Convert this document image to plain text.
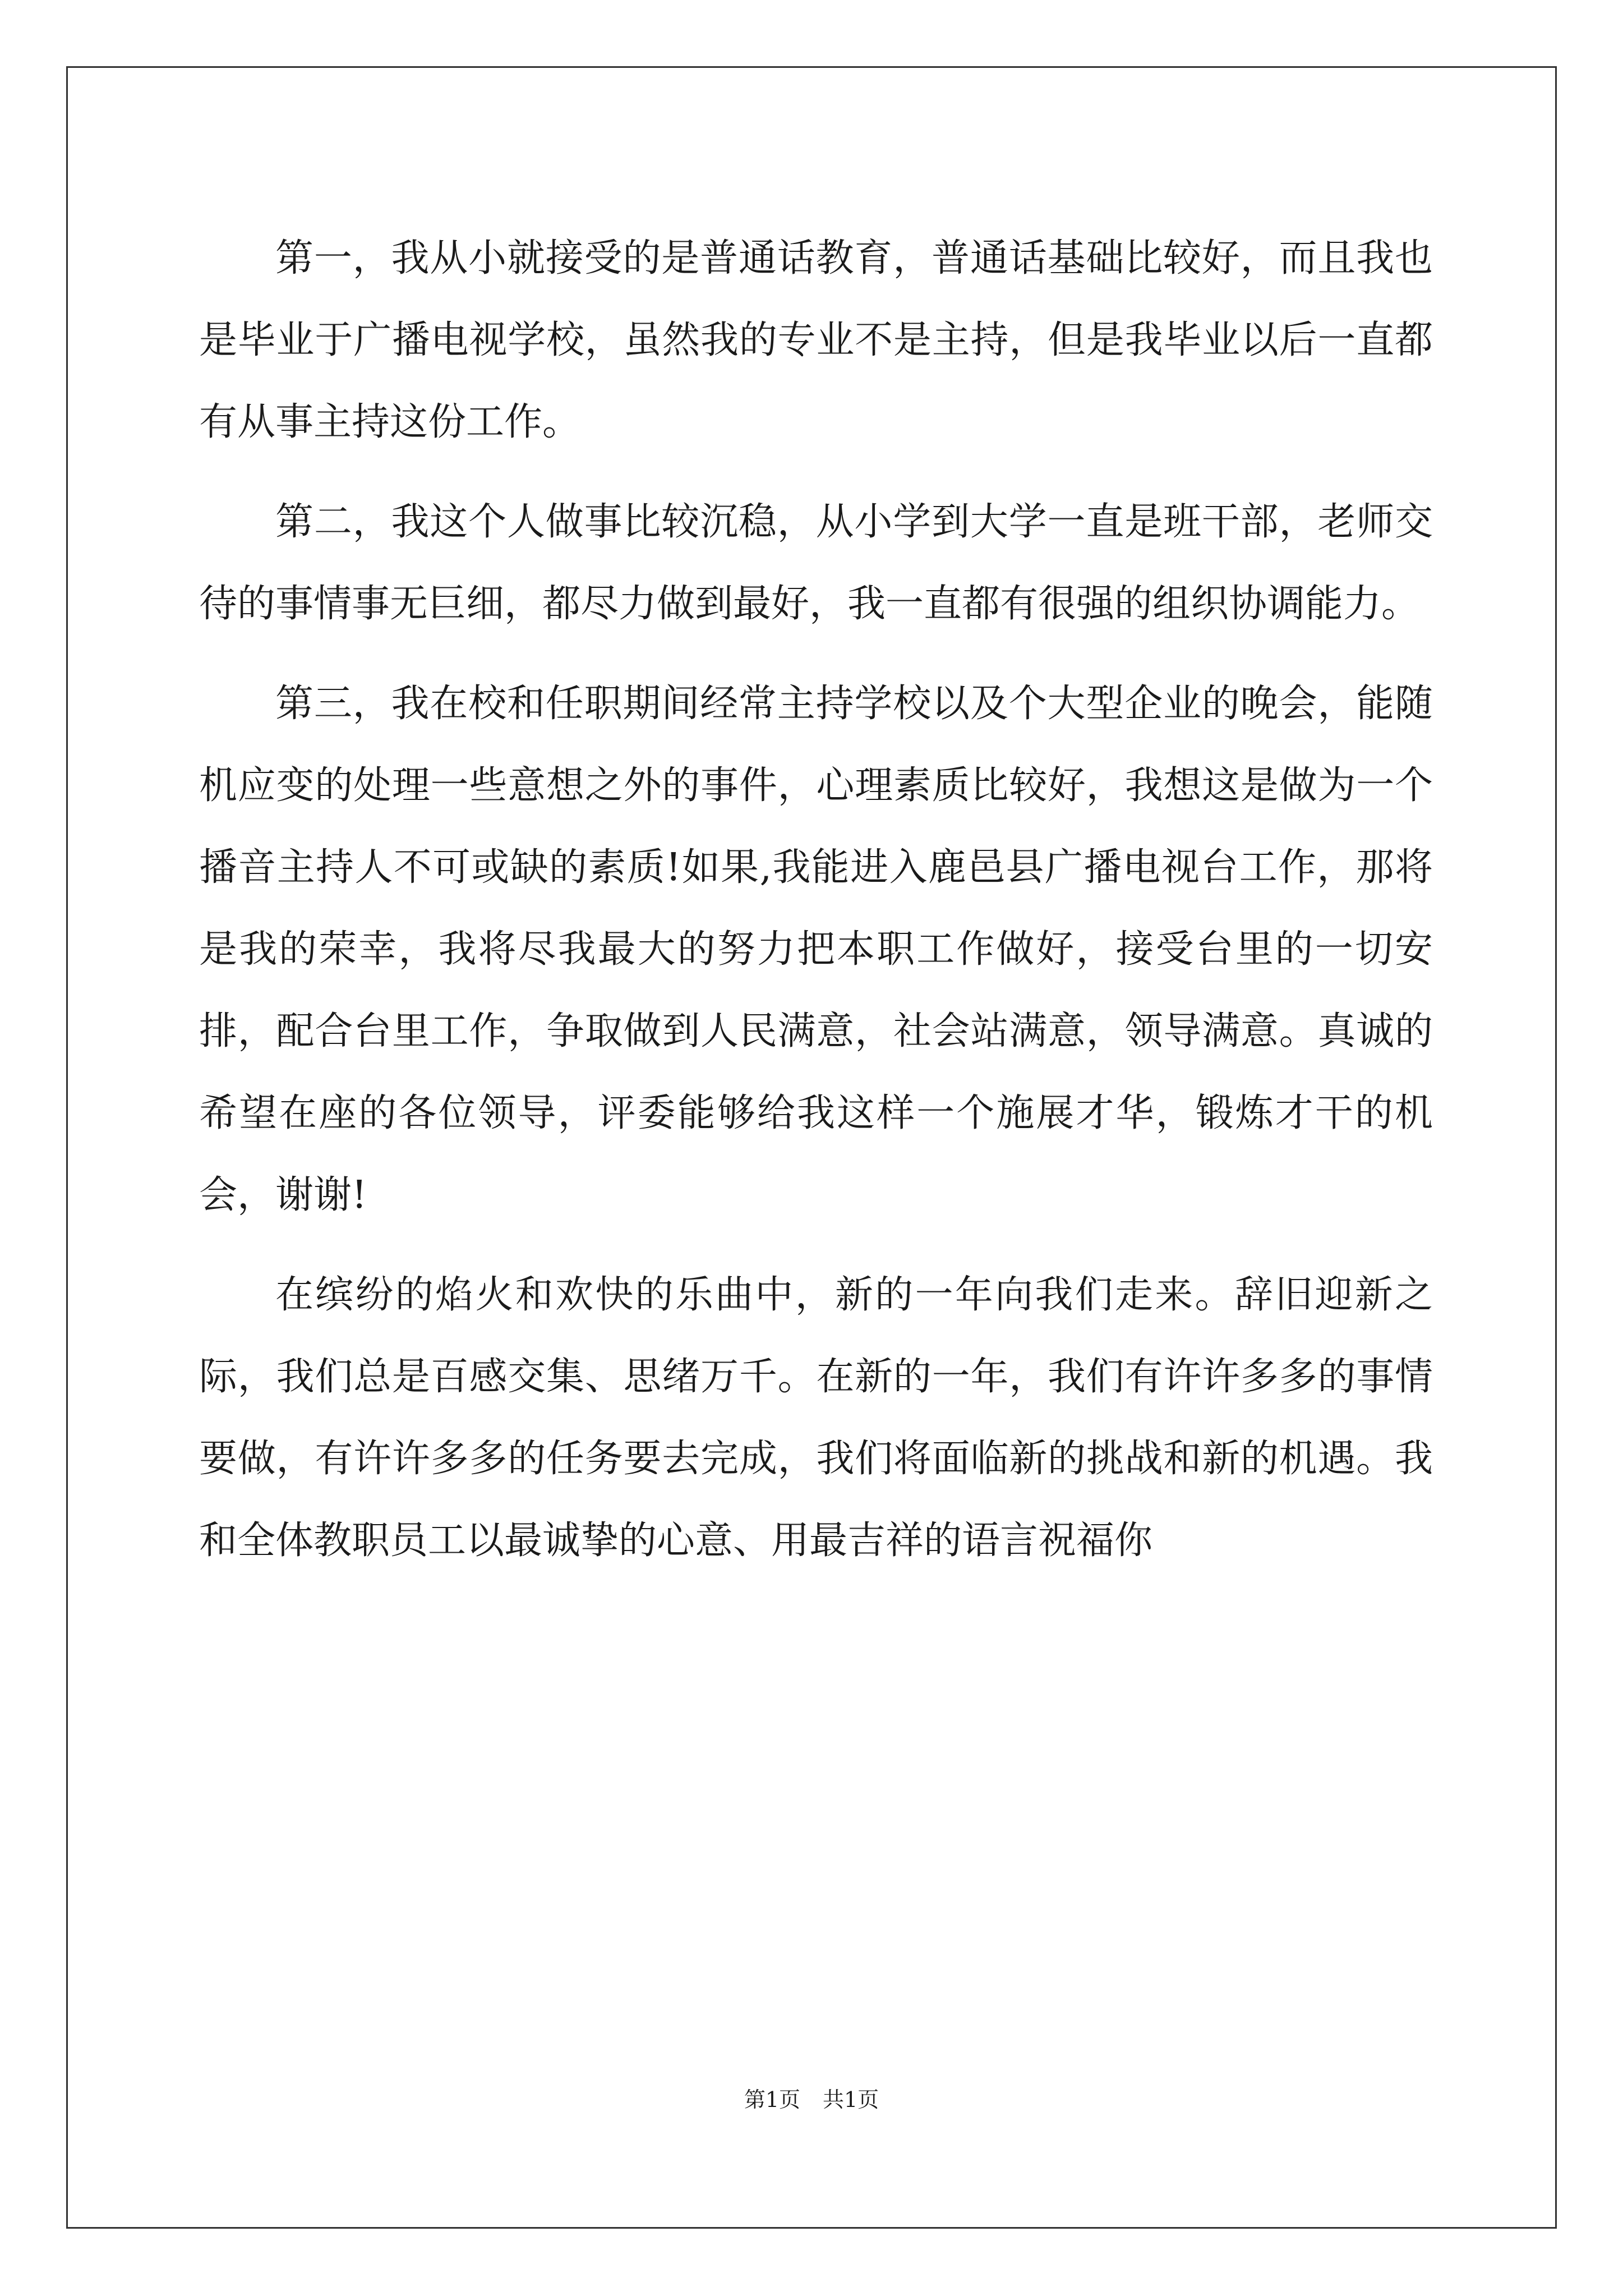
第一，我从小就接受的是普通话教育，普通话基础比较好，而且我也是毕业于广播电视学校，虽然我的专业不是主持，但是我毕业以后一直都有从事主持这份工作。

第二，我这个人做事比较沉稳，从小学到大学一直是班干部，老师交待的事情事无巨细，都尽力做到最好，我一直都有很强的组织协调能力。

第三，我在校和任职期间经常主持学校以及个大型企业的晚会，能随机应变的处理一些意想之外的事件，心理素质比较好，我想这是做为一个播音主持人不可或缺的素质!如果,我能进入鹿邑县广播电视台工作，那将是我的荣幸，我将尽我最大的努力把本职工作做好，接受台里的一切安排，配合台里工作，争取做到人民满意，社会站满意，领导满意。真诚的希望在座的各位领导，评委能够给我这样一个施展才华，锻炼才干的机会，谢谢!

在缤纷的焰火和欢快的乐曲中，新的一年向我们走来。辞旧迎新之际，我们总是百感交集、思绪万千。在新的一年，我们有许许多多的事情要做，有许许多多的任务要去完成，我们将面临新的挑战和新的机遇。我和全体教职员工以最诚挚的心意、用最吉祥的语言祝福你

第1页 共1页
